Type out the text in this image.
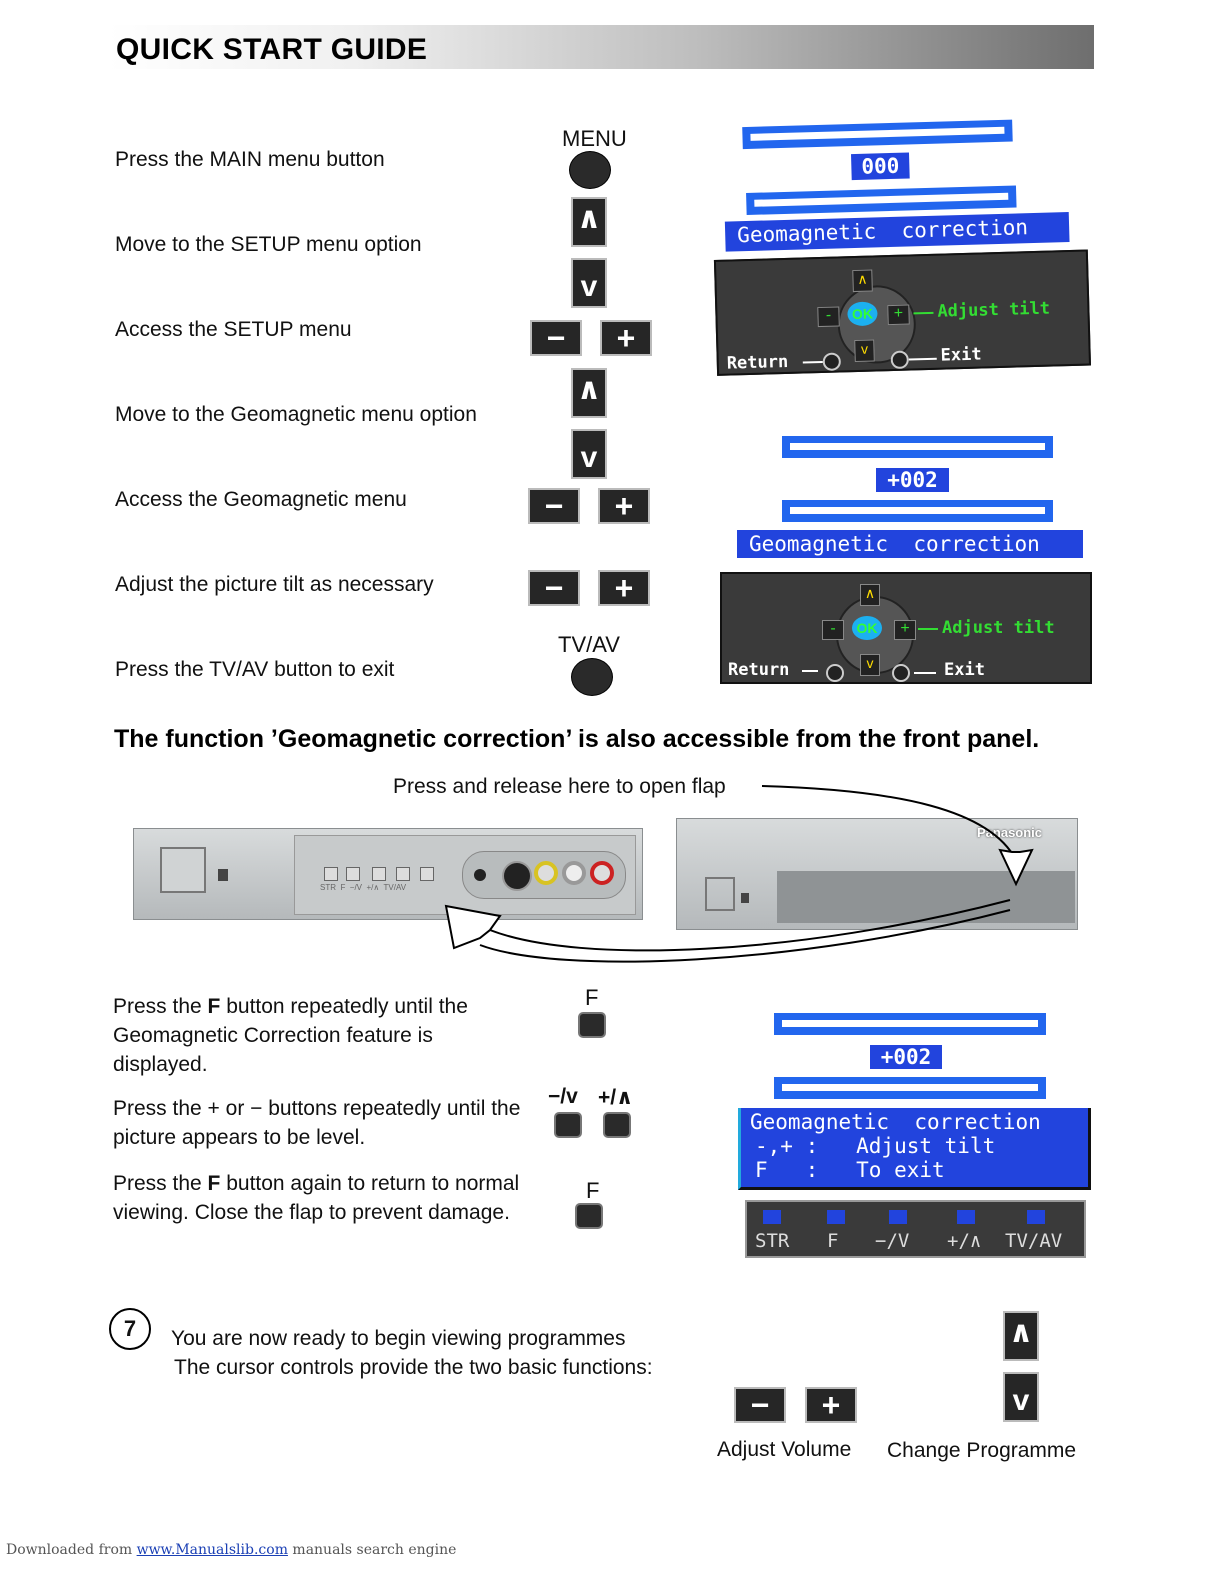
QUICK START GUIDE
Press the MAIN menu button
Move to the SETUP menu option
Access the SETUP menu
Move to the Geomagnetic menu option
Access the Geomagnetic menu
Adjust the picture tilt as necessary
Press the TV/AV button to exit
MENU
∧
v
−	+
∧
v
−	+
−	+
TV/AV
000
Geomagnetic  correction
∧
v
-	+
OK	Adjust tilt
Return	Exit
+002
Geomagnetic  correction
∧
v
-	+
OK	Adjust tilt
Return	Exit
The function ’Geomagnetic correction’ is also accessible from the front panel.
Press and release here to open flap
STR  F  −/V  +/∧  TV/AV
Panasonic
Press the F button repeatedly until the Geomagnetic Correction feature is displayed.
Press the + or − buttons repeatedly until the picture appears to be level.
Press the F button again to return to normal viewing. Close the flap to prevent damage.
F
−/v +/∧
F
+002
Geomagnetic  correction
-,+ :   Adjust tilt
F   :   To exit
STR F −/V +/∧ TV/AV
7	You are now ready to begin viewing programmes
The cursor controls provide the two basic functions:
∧
v
−	+
Adjust Volume Change Programme
Downloaded from www.Manualslib.com manuals search engine
